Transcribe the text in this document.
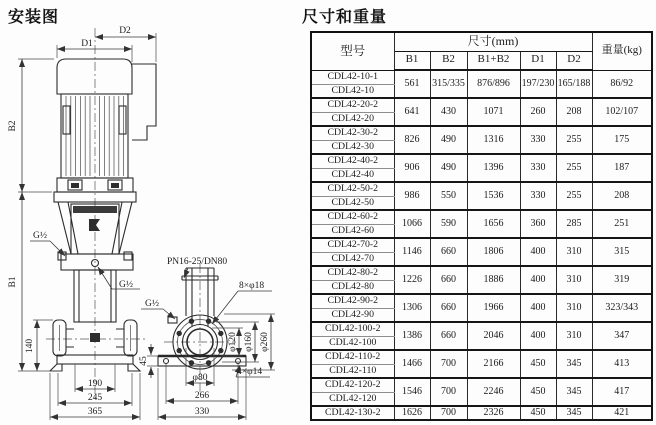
安装图	尺寸和重量
D2
D1
B2
B1
G½
G½
G½
PN16-25/DN80
8×φ18
4×φ14
140
190
245
365
45
φ80
266
330
φ120 φ160 φ260
型号	尺寸(mm)					重量(kg)
	B1	B2	B1+B2	D1	D2	
CDL42-10-1	561	315/335	876/896	197/230	165/188	86/92
CDL42-10						
CDL42-20-2	641	430	1071	260	208	102/107
CDL42-20						
CDL42-30-2	826	490	1316	330	255	175
CDL42-30						
CDL42-40-2	906	490	1396	330	255	187
CDL42-40						
CDL42-50-2	986	550	1536	330	255	208
CDL42-50						
CDL42-60-2	1066	590	1656	360	285	251
CDL42-60						
CDL42-70-2	1146	660	1806	400	310	315
CDL42-70						
CDL42-80-2	1226	660	1886	400	310	319
CDL42-80						
CDL42-90-2	1306	660	1966	400	310	323/343
CDL42-90						
CDL42-100-2	1386	660	2046	400	310	347
CDL42-100						
CDL42-110-2	1466	700	2166	450	345	413
CDL42-110						
CDL42-120-2	1546	700	2246	450	345	417
CDL42-120						
CDL42-130-2	1626	700	2326	450	345	421
